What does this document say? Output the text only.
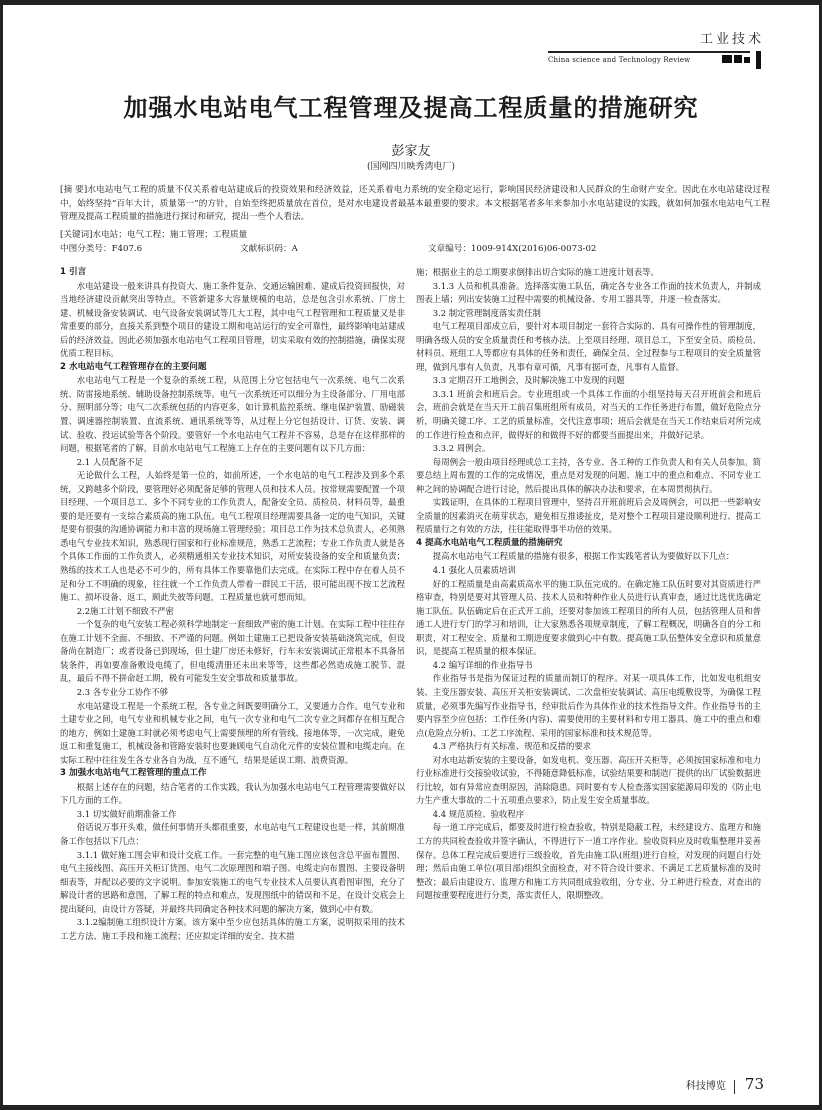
工业技术
China science and Technology Review
加强水电站电气工程管理及提高工程质量的措施研究
彭家友
(国网四川映秀湾电厂)
[摘 要]水电站电气工程的质量不仅关系着电站建成后的投资效果和经济效益，还关系着电力系统的安全稳定运行，影响国民经济建设和人民群众的生命财产安全。因此在水电站建设过程中，始终坚持“百年大计，质量第一”的方针，自始至终把质量放在首位，是对水电建设者最基本最重要的要求。本文根据笔者多年来参加小水电站建设的实践，就如何加强水电站电气工程管理及提高工程质量的措施进行探讨和研究，提出一些个人看法。
[关键词]水电站；电气工程；施工管理；工程质量
中图分类号：F407.6	文献标识码：A	文章编号：1009-914X(2016)06-0073-02
1 引言

水电站建设一般来讲具有投资大、施工条件复杂、交通运输困难、建成后投资回报快，对当地经济建设贡献突出等特点。不管新建多大容量规模的电站，总是包含引水系统、厂房土建、机械设备安装调试、电气设备安装调试等几大工程，其中电气工程管理和工程质量又是非常重要的部分，直接关系到整个项目的建设工期和电站运行的安全可靠性，最终影响电站建成后的经济效益。因此必须加强水电站电气工程项目管理，切实采取有效的控制措施，确保实现优质工程目标。

2 水电站电气工程管理存在的主要问题

水电站电气工程是一个复杂的系统工程，从范围上分它包括电气一次系统、电气二次系统、防雷接地系统、辅助设备控制系统等。电气一次系统还可以细分为主设备部分、厂用电部分、照明部分等；电气二次系统包括的内容更多，如计算机监控系统、继电保护装置、励磁装置、调速器控制装置、直流系统、通讯系统等等，从过程上分它包括设计、订货、安装、调试、验收、投运试验等各个阶段。要管好一个水电站电气工程并不容易，总是存在这样那样的问题，根据笔者的了解，目前水电站电气工程施工上存在的主要问题有以下几方面：

2.1 人员配备不足

无论做什么工程，人始终是第一位的，如前所述，一个水电站的电气工程涉及到多个系统，又跨越多个阶段，要管理好必须配备足够的管理人员和技术人员。按常规需要配置一个项目经理、一个项目总工、多个不同专业的工作负责人，配备安全员、质检员、材料员等，最重要的是还要有一支综合素质高的施工队伍。电气工程项目经理需要具备一定的电气知识，关键是要有很强的沟通协调能力和丰富的现场施工管理经验；项目总工作为技术总负责人，必须熟悉电气专业技术知识，熟悉现行国家和行业标准规范，熟悉工艺流程；专业工作负责人就是各个具体工作面的工作负责人，必须精通相关专业技术知识，对所安装设备的安全和质量负责；熟练的技术工人也是必不可少的，所有具体工作要靠他们去完成。在实际工程中存在着人员不足和分工不明确的现象，往往就一个工作负责人带着一群民工干活，很可能出现不按工艺流程施工、损坏设备、返工，顾此失彼等问题，工程质量也就可想而知。

2.2施工计划不细致不严密

一个复杂的电气安装工程必须科学地制定一套细致严密的施工计划。在实际工程中往往存在施工计划不全面、不细致、不严谨的问题。例如土建施工已把设备安装基础浇筑完成，但设备尚在制造厂；或者设备已到现场，但土建厂房还未修好，行车未安装调试正常根本不具备吊装条件，再如要准备敷设电缆了，但电缆清册还未出来等等，这些都必然造成施工脱节、混乱，最后不得不拼命赶工期，极有可能发生安全事故和质量事故。

2.3 各专业分工协作不够

水电站建设工程是一个系统工程，各专业之间既要明确分工，又要通力合作。电气专业和土建专业之间，电气专业和机械专业之间，电气一次专业和电气二次专业之间都存在相互配合的地方，例如土建施工时就必须考虑电气上需要预埋的所有管线、接地体等，一次完成，避免返工和重复施工，机械设备和管路安装时也要兼顾电气自动化元件的安装位置和电缆走向。在实际工程中往往发生各专业各自为战，互不通气，结果是延误工期、浪费资源。

3 加强水电站电气工程管理的重点工作

根据上述存在的问题，结合笔者的工作实践，我认为加强水电站电气工程管理需要做好以下几方面的工作。

3.1 切实做好前期准备工作

俗话说万事开头难，做任何事情开头都很重要，水电站电气工程建设也是一样，其前期准备工作包括以下几点：

3.1.1 做好施工图会审和设计交底工作。一套完整的电气施工图应该包含总平面布置图、电气主接线图、高压开关柜订货图、电气二次原理图和端子图、电缆走向布置图、主要设备明细表等，并配以必要的文字说明。参加安装施工的电气专业技术人员要认真看图审图，充分了解设计者的思路和意图，了解工程的特点和难点，发现图纸中的错误和不足，在设计交底会上提出疑问，由设计方答疑，并最终共同确定各种技术问题的解决方案，做到心中有数。

3.1.2编制施工组织设计方案。该方案中至少应包括具体的施工方案，说明拟采用的技术工艺方法、施工手段和施工流程；还应拟定详细的安全、技术措

施；根据业主的总工期要求倒排出切合实际的施工进度计划表等。

3.1.3 人员和机具准备。选择落实施工队伍，确定各专业各工作面的技术负责人，并制成图表上墙；列出安装施工过程中需要的机械设备、专用工器具等，并逐一检查落实。

3.2 制定管理制度落实责任制

电气工程项目部成立后，要针对本项目制定一套符合实际的、具有可操作性的管理制度，明确各级人员的安全质量责任和考核办法。上至项目经理、项目总工，下至安全员、质检员、材料员、班组工人等都应有具体的任务和责任，确保全员、全过程参与工程项目的安全质量管理，做到凡事有人负责，凡事有章可循，凡事有据可查，凡事有人监督。

3.3 定期召开工地例会，及时解决施工中发现的问题

3.3.1 班前会和班后会。专业班组或一个具体工作面的小组坚持每天召开班前会和班后会，班前会就是在当天开工前召集班组所有成员，对当天的工作任务进行布置，做好危险点分析，明确关键工序、工艺的质量标准，交代注意事项；班后会就是在当天工作结束后对所完成的工作进行检查和点评，做得好的和做得不好的都要当面提出来，并做好记录。

3.3.2 周例会。

每周例会一般由项目经理或总工主持，各专业、各工种的工作负责人和有关人员参加。简要总结上周布置的工作的完成情况，重点是对发现的问题、施工中的重点和难点、不同专业工种之间的协调配合进行讨论，然后提出具体的解决办法和要求，在本周贯彻执行。

实践证明，在具体的工程项目管理中，坚持召开班前班后会及周例会，可以把一些影响安全质量的因素消灭在萌芽状态，避免相互推诿扯皮，是对整个工程项目建设顺利进行、提高工程质量行之有效的方法，往往能取得事半功倍的效果。

4 提高水电站电气工程质量的措施研究

提高水电站电气工程质量的措施有很多，根据工作实践笔者认为要做好以下几点：

4.1 强化人员素质培训

好的工程质量是由高素质高水平的施工队伍完成的。在确定施工队伍时要对其资质进行严格审查，特别是要对其管理人员、技术人员和特种作业人员进行认真审查，通过比选优选确定施工队伍。队伍确定后在正式开工前，还要对参加该工程项目的所有人员，包括管理人员和普通工人进行专门的学习和培训，让大家熟悉各项规章制度，了解工程概况，明确各自的分工和职责，对工程安全、质量和工期进度要求做到心中有数。提高施工队伍整体安全意识和质量意识，是提高工程质量的根本保证。

4.2 编写详细的作业指导书

作业指导书是指为保证过程的质量而制订的程序。对某一项具体工作，比如发电机组安装、主变压器安装、高压开关柜安装调试、二次盘柜安装调试、高压电缆敷设等，为确保工程质量，必须事先编写作业指导书，经审批后作为具体作业的技术性指导文件。作业指导书的主要内容至少应包括：工作任务(内容)、需要使用的主要材料和专用工器具、施工中的重点和难点(危险点分析)、工艺工序流程、采用的国家标准和技术规范等。

4.3 严格执行有关标准、规范和反措的要求

对水电站新安装的主要设备，如发电机、变压器、高压开关柜等，必须按国家标准和电力行业标准进行交接验收试验，不得随意降低标准，试验结果要和制造厂提供的出厂试验数据进行比较，如有异常应查明原因，消除隐患。同时要有专人检查落实国家能源局印发的《防止电力生产重大事故的二十五项重点要求》，防止发生安全质量事故。

4.4 规范质检、验收程序

每一道工序完成后，都要及时进行检查验收，特别是隐蔽工程，未经建设方、监理方和施工方的共同检查验收并签字确认，不得进行下一道工序作业。验收资料应及时收集整理并妥善保存。总体工程完成后要进行三级验收，首先由施工队(班组)进行自检，对发现的问题自行处理；然后由施工单位(项目部)组织全面检查，对不符合设计要求、不满足工艺质量标准的及时整改；最后由建设方、监理方和施工方共同组成验收组，分专业、分工种进行检查，对查出的问题按重要程度进行分类，落实责任人，限期整改。

科技博览 73
